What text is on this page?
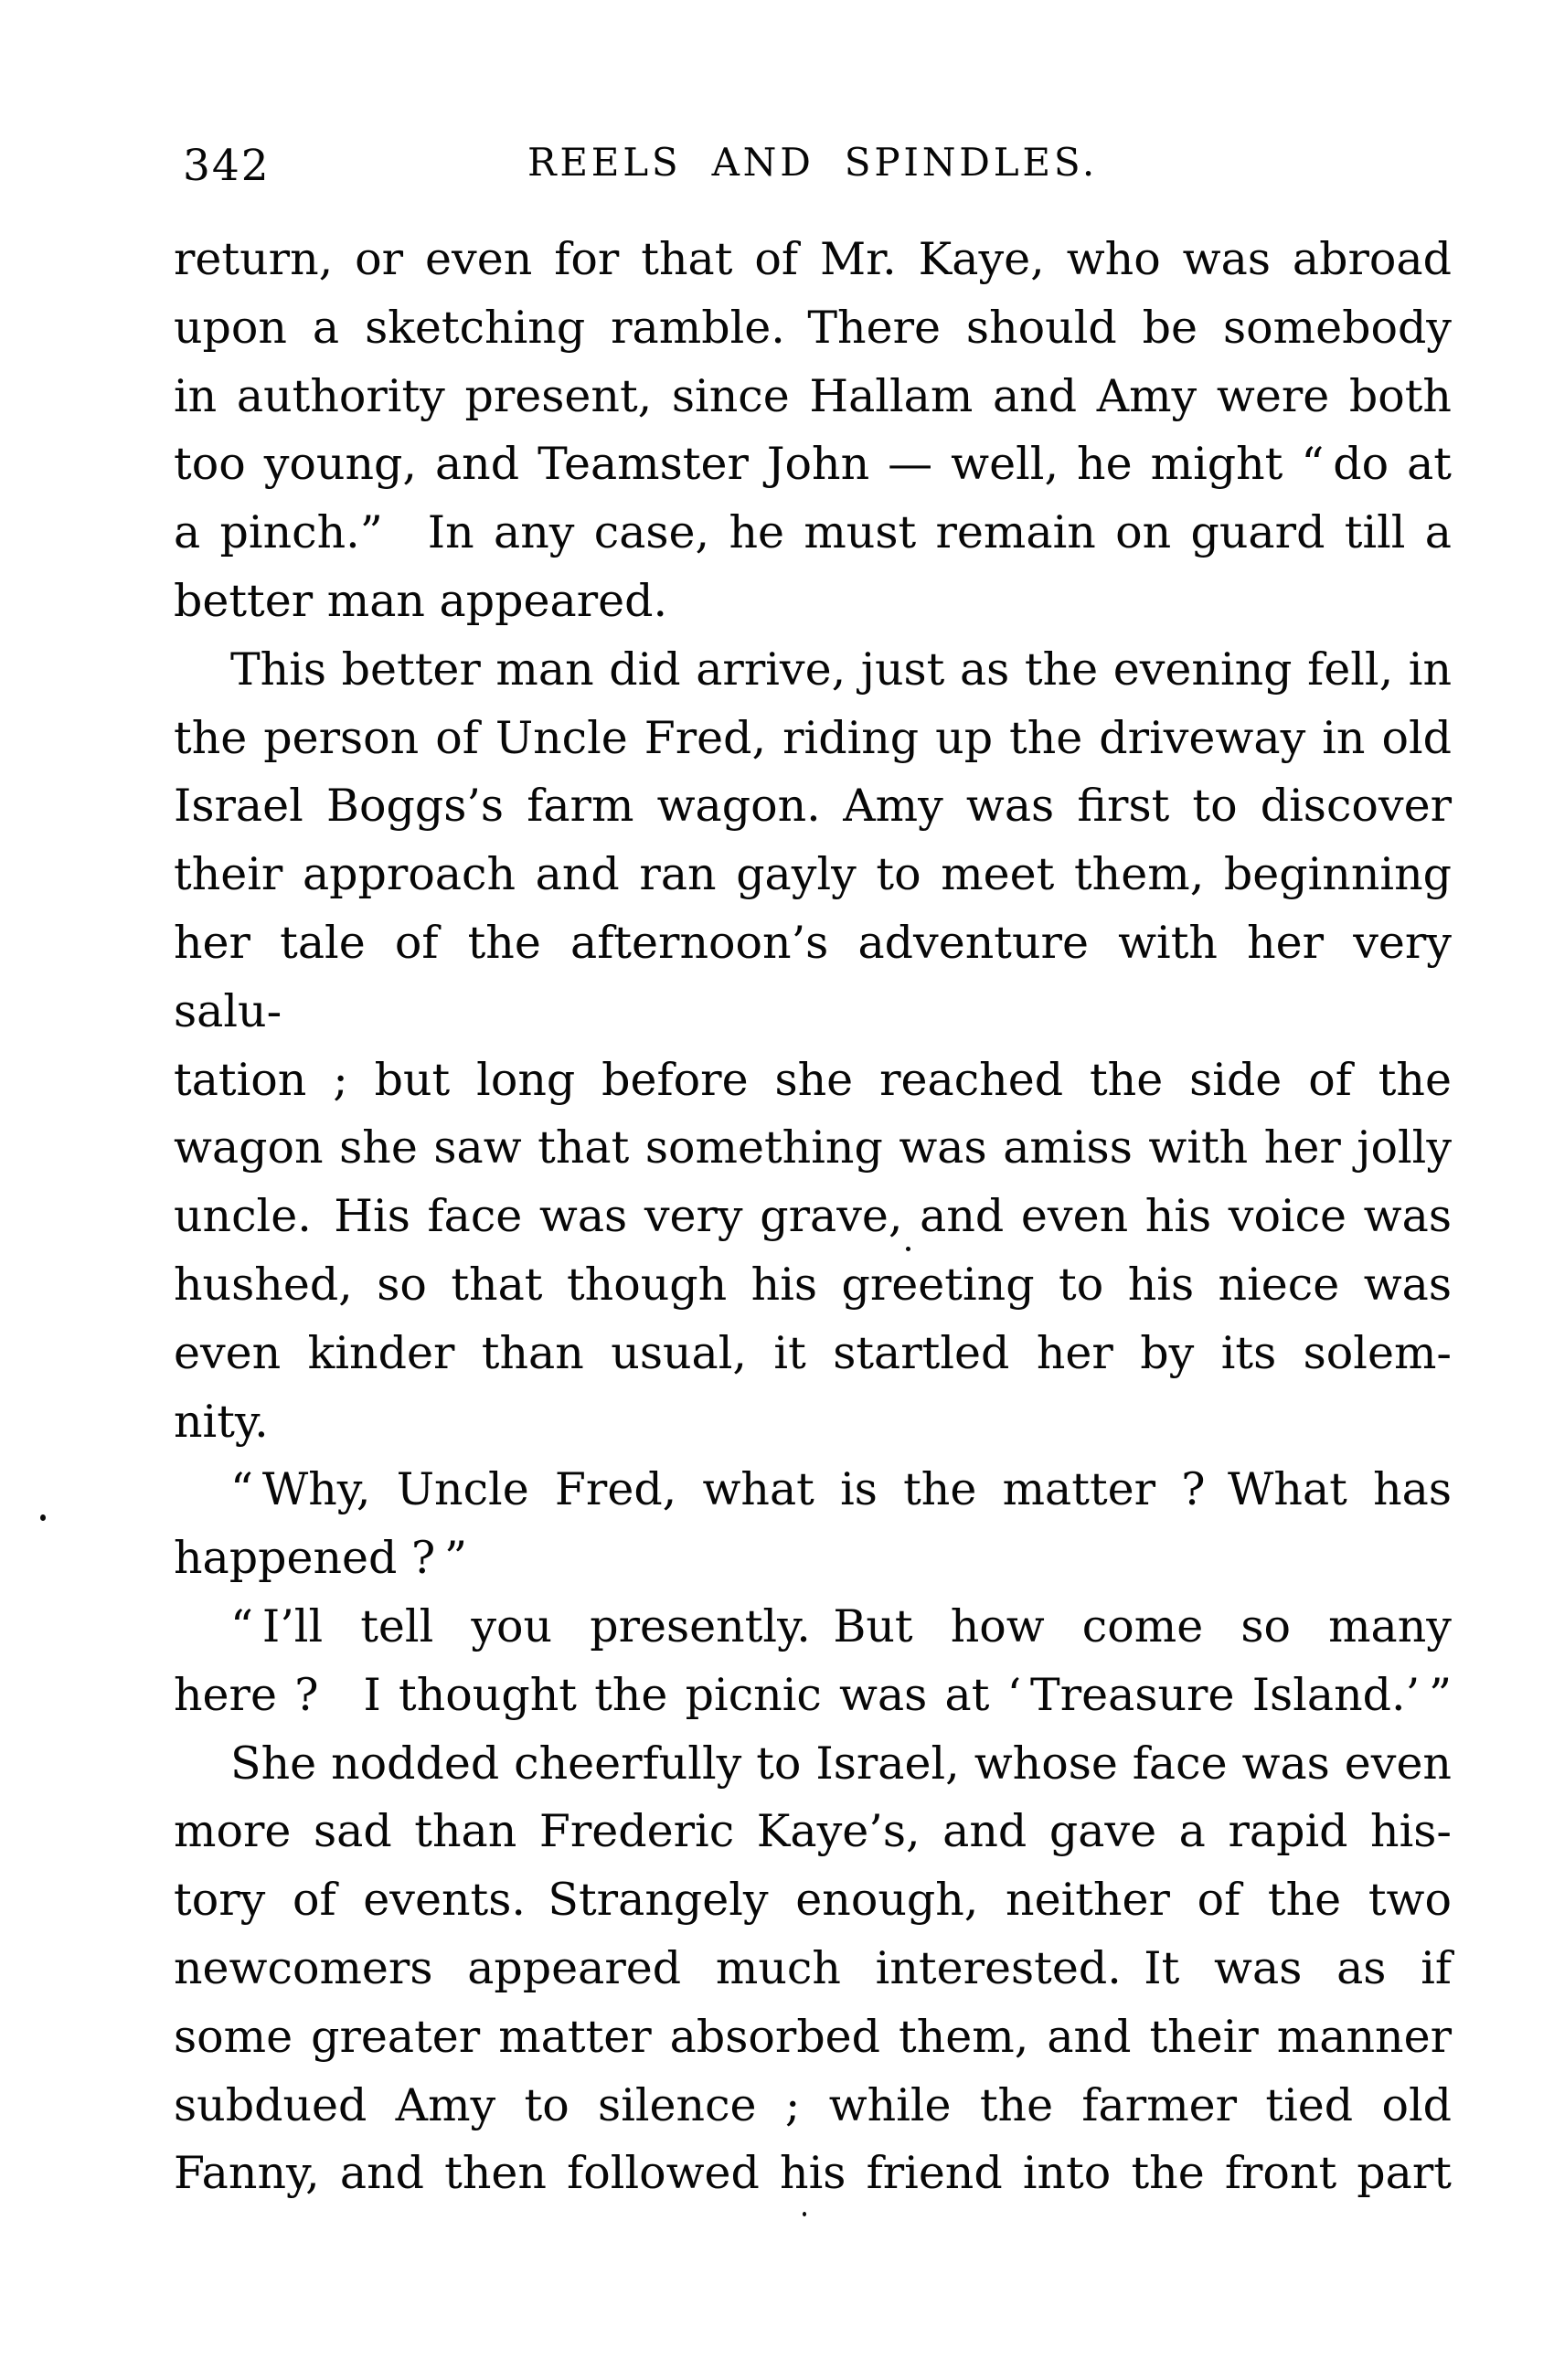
342	REELS AND SPINDLES.
return, or even for that of Mr. Kaye, who was abroad
upon a sketching ramble. There should be somebody
in authority present, since Hallam and Amy were both
too young, and Teamster John — well, he might “ do at
a pinch.” In any case, he must remain on guard till a
better man appeared.
This better man did arrive, just as the evening fell, in
the person of Uncle Fred, riding up the driveway in old
Israel Boggs’s farm wagon. Amy was first to discover
their approach and ran gayly to meet them, beginning
her tale of the afternoon’s adventure with her very salu-
tation ; but long before she reached the side of the
wagon she saw that something was amiss with her jolly
uncle. His face was very grave, and even his voice was
hushed, so that though his greeting to his niece was
even kinder than usual, it startled her by its solem-
nity.
“ Why, Uncle Fred, what is the matter ? What has
happened ? ”
“ I’ll tell you presently. But how come so many
here ? I thought the picnic was at ‘ Treasure Island.’ ”
She nodded cheerfully to Israel, whose face was even
more sad than Frederic Kaye’s, and gave a rapid his-
tory of events. Strangely enough, neither of the two
newcomers appeared much interested. It was as if
some greater matter absorbed them, and their manner
subdued Amy to silence ; while the farmer tied old
Fanny, and then followed his friend into the front part
